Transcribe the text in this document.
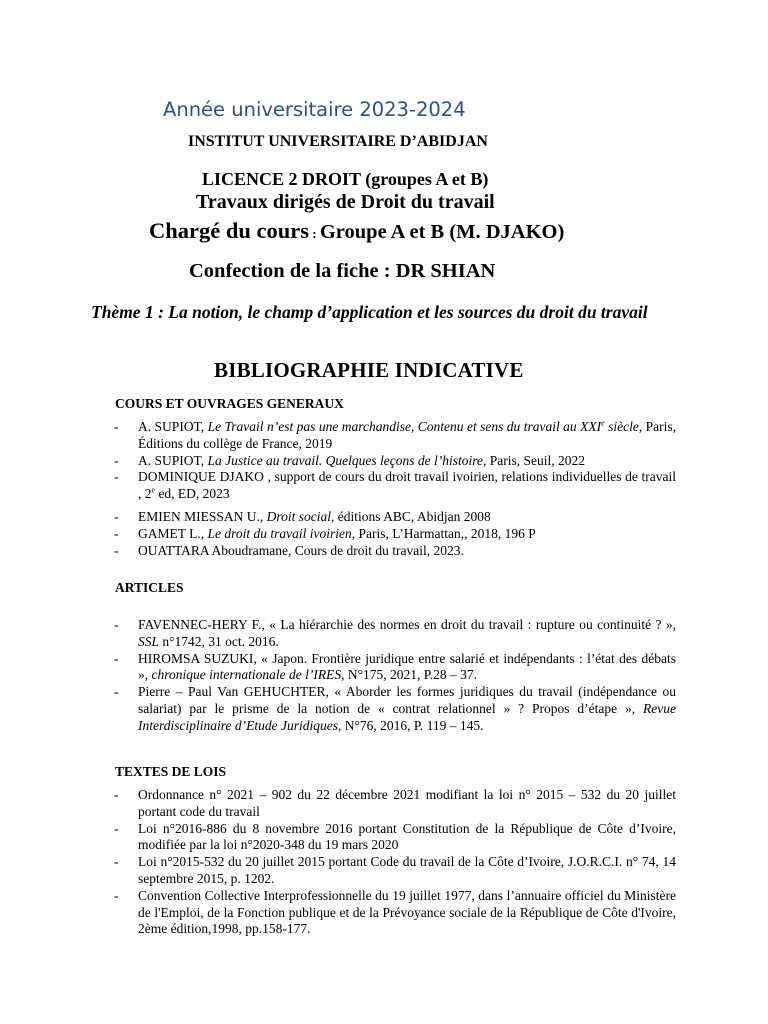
Année universitaire 2023-2024
INSTITUT UNIVERSITAIRE D’ABIDJAN
LICENCE 2 DROIT (groupes A et B)
Travaux dirigés de Droit du travail
Chargé du cours : Groupe A et B (M. DJAKO)
Confection de la fiche : DR SHIAN
Thème 1 : La notion, le champ d’application et les sources du droit du travail
BIBLIOGRAPHIE INDICATIVE
COURS ET OUVRAGES GENERAUX
- A. SUPIOT, Le Travail n’est pas une marchandise, Contenu et sens du travail au XXIe siècle, Paris, Éditions du collège de France, 2019
- A. SUPIOT, La Justice au travail. Quelques leçons de l’histoire, Paris, Seuil, 2022
- DOMINIQUE DJAKO , support de cours du droit travail ivoirien, relations individuelles de travail , 2e ed, ED, 2023
- EMIEN MIESSAN U., Droit social, éditions ABC, Abidjan 2008
- GAMET L., Le droit du travail ivoirien, Paris, L’Harmattan,, 2018, 196 P
- OUATTARA Aboudramane, Cours de droit du travail, 2023.
ARTICLES
- FAVENNEC-HERY F., « La hiérarchie des normes en droit du travail : rupture ou continuité ? », SSL n°1742, 31 oct. 2016.
- HIROMSA SUZUKI, « Japon. Frontière juridique entre salarié et indépendants : l’état des débats », chronique internationale de l’IRES, N°175, 2021, P.28 – 37.
- Pierre – Paul Van GEHUCHTER, « Aborder les formes juridiques du travail (indépendance ou salariat) par le prisme de la notion de « contrat relationnel » ? Propos d’étape », Revue Interdisciplinaire d’Etude Juridiques, N°76, 2016, P. 119 – 145.
TEXTES DE LOIS
- Ordonnance n° 2021 – 902 du 22 décembre 2021 modifiant la loi n° 2015 – 532 du 20 juillet portant code du travail
- Loi n°2016-886 du 8 novembre 2016 portant Constitution de la République de Côte d’Ivoire, modifiée par la loi n°2020-348 du 19 mars 2020
- Loi n°2015-532 du 20 juillet 2015 portant Code du travail de la Côte d’Ivoire, J.O.R.C.I. n° 74, 14 septembre 2015, p. 1202.
- Convention Collective Interprofessionnelle du 19 juillet 1977, dans l’annuaire officiel du Ministère de l'Emploi, de la Fonction publique et de la Prévoyance sociale de la République de Côte d'Ivoire, 2ème édition,1998, pp.158-177.
